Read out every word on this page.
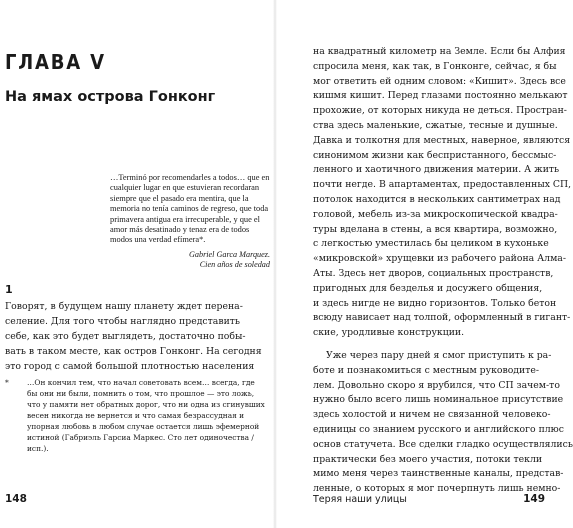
ГЛАВА V
На ямах острова Гонконг

…Terminó por recomendarles a todos… que en cualquier lugar en que estuvieran recordaran siempre que el pasado era mentira, que la memoria no tenía caminos de regreso, que toda primavera antigua era irrecuperable, y que el amor más desatinado y tenaz era de todos modos una verdad efímera*.

Gabriel Garca Marquez.
Cien años de soledad

1
Говорят, в будущем нашу планету ждет перена-
селение. Для того чтобы наглядно представить
себе, как это будет выглядеть, достаточно побы-
вать в таком месте, как остров Гонконг. На сегодня
это город с самой большой плотностью населения
* …Он кончил тем, что начал советовать всем… всегда, где бы они ни были, помнить о том, что прошлое — это ложь, что у памяти нет обратных дорог, что ни одна из сгинувших весен никогда не вернется и что самая безрассудная и упорная любовь в любом случае остается лишь эфемерной истиной (Габриэль Гарсиа Маркес. Сто лет одиночества / исп.).

148
на квадратный километр на Земле. Если бы Алфия
спросила меня, как так, в Гонконге, сейчас, я бы
мог ответить ей одним словом: «Кишит». Здесь все
кишмя кишит. Перед глазами постоянно мелькают
прохожие, от которых никуда не деться. Простран-
ства здесь маленькие, сжатые, тесные и душные.
Давка и толкотня для местных, наверное, являются
синонимом жизни как беспристанного, бессмыс-
ленного и хаотичного движения материи. А жить
почти негде. В апартаментах, предоставленных СП,
потолок находится в нескольких сантиметрах над
головой, мебель из-за микроскопической квадра-
туры вделана в стены, а вся квартира, возможно,
с легкостью уместилась бы целиком в кухоньке
«микровской» хрущевки из рабочего района Алма-
Аты. Здесь нет дворов, социальных пространств,
пригодных для безделья и досужего общения,
и здесь нигде не видно горизонтов. Только бетон
всюду нависает над толпой, оформленный в гигант-
ские, уродливые конструкции.
Уже через пару дней я смог приступить к ра-
боте и познакомиться с местным руководите-
лем. Довольно скоро я врубился, что СП зачем-то
нужно было всего лишь номинальное присутствие
здесь холостой и ничем не связанной человеко-
единицы со знанием русского и английского плюс
основ статучета. Все сделки гладко осуществлялись
практически без моего участия, потоки текли
мимо меня через таинственные каналы, представ-
ленные, о которых я мог почерпнуть лишь немно-
Теряя наши улицы	149
